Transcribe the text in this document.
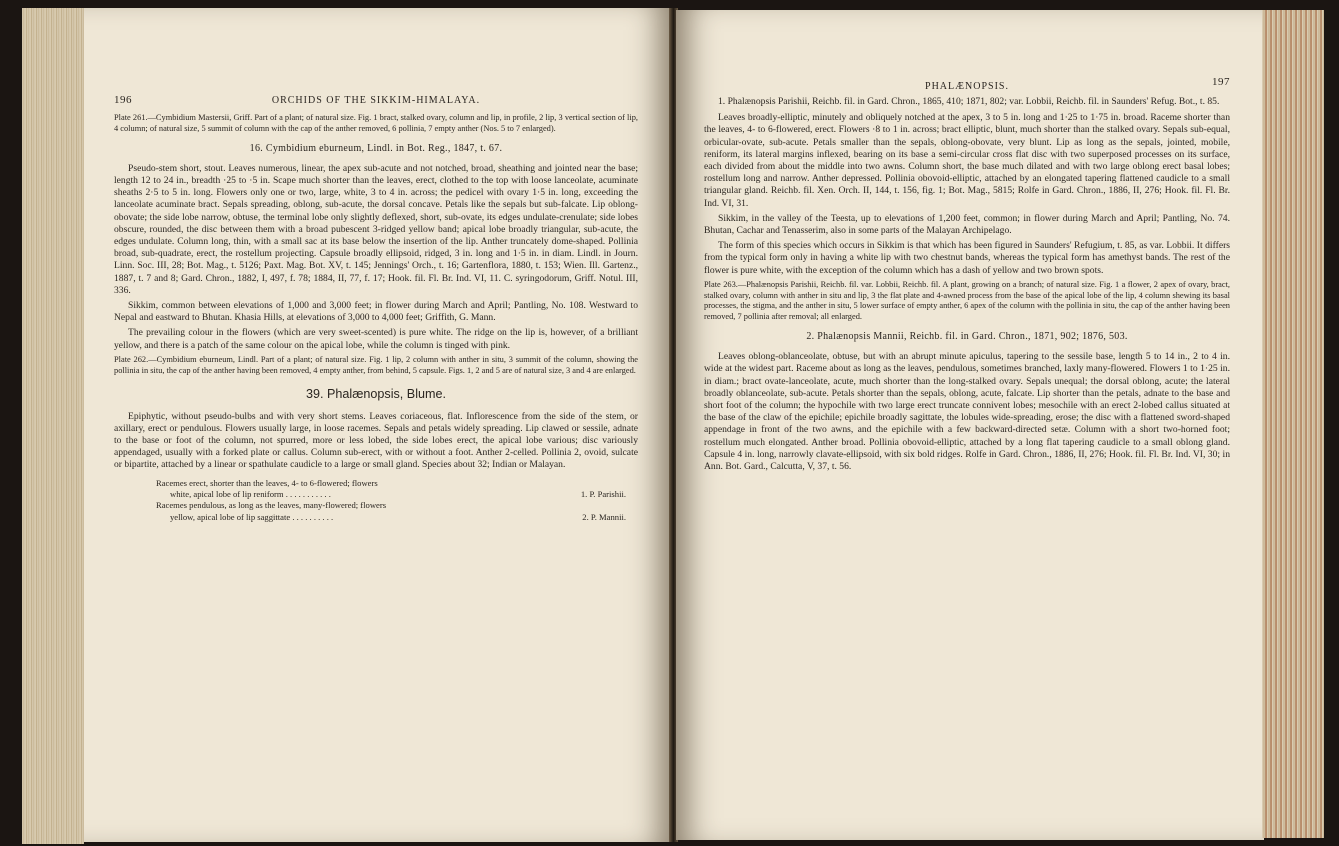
196	ORCHIDS OF THE SIKKIM-HIMALAYA.
Plate 261.—Cymbidium Mastersii, Griff. Part of a plant; of natural size. Fig. 1 bract, stalked ovary, column and lip, in profile, 2 lip, 3 vertical section of lip, 4 column; of natural size, 5 summit of column with the cap of the anther removed, 6 pollinia, 7 empty anther (Nos. 5 to 7 enlarged).
16. Cymbidium eburneum, Lindl. in Bot. Reg., 1847, t. 67.

Pseudo-stem short, stout. Leaves numerous, linear, the apex sub-acute and not notched, broad, sheathing and jointed near the base; length 12 to 24 in., breadth ·25 to ·5 in. Scape much shorter than the leaves, erect, clothed to the top with loose lanceolate, acuminate sheaths 2·5 to 5 in. long. Flowers only one or two, large, white, 3 to 4 in. across; the pedicel with ovary 1·5 in. long, exceeding the lanceolate acuminate bract. Sepals spreading, oblong, sub-acute, the dorsal concave. Petals like the sepals but sub-falcate. Lip oblong-obovate; the side lobe narrow, obtuse, the terminal lobe only slightly deflexed, short, sub-ovate, its edges undulate-crenulate; side lobes obscure, rounded, the disc between them with a broad pubescent 3-ridged yellow band; apical lobe broadly triangular, sub-acute, the edges undulate. Column long, thin, with a small sac at its base below the insertion of the lip. Anther truncately dome-shaped. Pollinia broad, sub-quadrate, erect, the rostellum projecting. Capsule broadly ellipsoid, ridged, 3 in. long and 1·5 in. in diam. Lindl. in Journ. Linn. Soc. III, 28; Bot. Mag., t. 5126; Paxt. Mag. Bot. XV, t. 145; Jennings' Orch., t. 16; Gartenflora, 1880, t. 153; Wien. Ill. Gartenz., 1887, t. 7 and 8; Gard. Chron., 1882, I, 497, f. 78; 1884, II, 77, f. 17; Hook. fil. Fl. Br. Ind. VI, 11. C. syringodorum, Griff. Notul. III, 336.

Sikkim, common between elevations of 1,000 and 3,000 feet; in flower during March and April; Pantling, No. 108. Westward to Nepal and eastward to Bhutan. Khasia Hills, at elevations of 3,000 to 4,000 feet; Griffith, G. Mann.

The prevailing colour in the flowers (which are very sweet-scented) is pure white. The ridge on the lip is, however, of a brilliant yellow, and there is a patch of the same colour on the apical lobe, while the column is tinged with pink.

Plate 262.—Cymbidium eburneum, Lindl. Part of a plant; of natural size. Fig. 1 lip, 2 column with anther in situ, 3 summit of the column, showing the pollinia in situ, the cap of the anther having been removed, 4 empty anther, from behind, 5 capsule. Figs. 1, 2 and 5 are of natural size, 3 and 4 are enlarged.
39. Phalænopsis, Blume.

Epiphytic, without pseudo-bulbs and with very short stems. Leaves coriaceous, flat. Inflorescence from the side of the stem, or axillary, erect or pendulous. Flowers usually large, in loose racemes. Sepals and petals widely spreading. Lip clawed or sessile, adnate to the base or foot of the column, not spurred, more or less lobed, the side lobes erect, the apical lobe various; disc variously appendaged, usually with a forked plate or callus. Column sub-erect, with or without a foot. Anther 2-celled. Pollinia 2, ovoid, sulcate or bipartite, attached by a linear or spathulate caudicle to a large or small gland. Species about 32; Indian or Malayan.

Racemes erect, shorter than the leaves, 4- to 6-flowered; flowers
white, apical lobe of lip reniform . . . . . . . . . . .	1. P. Parishii.
Racemes pendulous, as long as the leaves, many-flowered; flowers
yellow, apical lobe of lip saggittate . . . . . . . . . .	2. P. Mannii.
PHALÆNOPSIS.	197

1. Phalænopsis Parishii, Reichb. fil. in Gard. Chron., 1865, 410; 1871, 802; var. Lobbii, Reichb. fil. in Saunders' Refug. Bot., t. 85.

Leaves broadly-elliptic, minutely and obliquely notched at the apex, 3 to 5 in. long and 1·25 to 1·75 in. broad. Raceme shorter than the leaves, 4- to 6-flowered, erect. Flowers ·8 to 1 in. across; bract elliptic, blunt, much shorter than the stalked ovary. Sepals sub-equal, orbicular-ovate, sub-acute. Petals smaller than the sepals, oblong-obovate, very blunt. Lip as long as the sepals, jointed, mobile, reniform, its lateral margins inflexed, bearing on its base a semi-circular cross flat disc with two superposed processes on its surface, each divided from about the middle into two awns. Column short, the base much dilated and with two large oblong erect basal lobes; rostellum long and narrow. Anther depressed. Pollinia obovoid-elliptic, attached by an elongated tapering flattened caudicle to a small triangular gland. Reichb. fil. Xen. Orch. II, 144, t. 156, fig. 1; Bot. Mag., 5815; Rolfe in Gard. Chron., 1886, II, 276; Hook. fil. Fl. Br. Ind. VI, 31.

Sikkim, in the valley of the Teesta, up to elevations of 1,200 feet, common; in flower during March and April; Pantling, No. 74. Bhutan, Cachar and Tenasserim, also in some parts of the Malayan Archipelago.

The form of this species which occurs in Sikkim is that which has been figured in Saunders' Refugium, t. 85, as var. Lobbii. It differs from the typical form only in having a white lip with two chestnut bands, whereas the typical form has amethyst bands. The rest of the flower is pure white, with the exception of the column which has a dash of yellow and two brown spots.

Plate 263.—Phalænopsis Parishii, Reichb. fil. var. Lobbii, Reichb. fil. A plant, growing on a branch; of natural size. Fig. 1 a flower, 2 apex of ovary, bract, stalked ovary, column with anther in situ and lip, 3 the flat plate and 4-awned process from the base of the apical lobe of the lip, 4 column shewing its basal processes, the stigma, and the anther in situ, 5 lower surface of empty anther, 6 apex of the column with the pollinia in situ, the cap of the anther having been removed, 7 pollinia after removal; all enlarged.
2. Phalænopsis Mannii, Reichb. fil. in Gard. Chron., 1871, 902; 1876, 503.

Leaves oblong-oblanceolate, obtuse, but with an abrupt minute apiculus, tapering to the sessile base, length 5 to 14 in., 2 to 4 in. wide at the widest part. Raceme about as long as the leaves, pendulous, sometimes branched, laxly many-flowered. Flowers 1 to 1·25 in. in diam.; bract ovate-lanceolate, acute, much shorter than the long-stalked ovary. Sepals unequal; the dorsal oblong, acute; the lateral broadly oblanceolate, sub-acute. Petals shorter than the sepals, oblong, acute, falcate. Lip shorter than the petals, adnate to the base and short foot of the column; the hypochile with two large erect truncate connivent lobes; mesochile with an erect 2-lobed callus situated at the base of the claw of the epichile; epichile broadly sagittate, the lobules wide-spreading, erose; the disc with a flattened sword-shaped appendage in front of the two awns, and the epichile with a few backward-directed setæ. Column with a short two-horned foot; rostellum much elongated. Anther broad. Pollinia obovoid-elliptic, attached by a long flat tapering caudicle to a small oblong gland. Capsule 4 in. long, narrowly clavate-ellipsoid, with six bold ridges. Rolfe in Gard. Chron., 1886, II, 276; Hook. fil. Fl. Br. Ind. VI, 30; in Ann. Bot. Gard., Calcutta, V, 37, t. 56.
